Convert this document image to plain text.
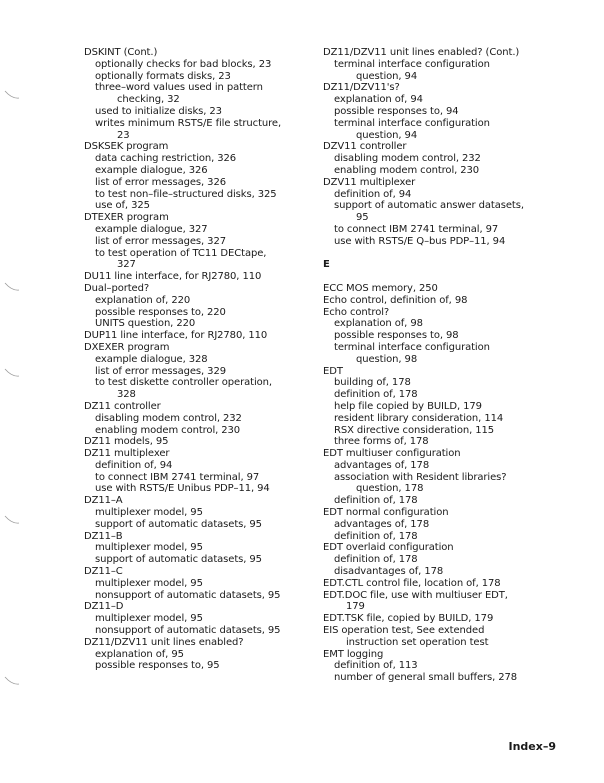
DSKINT (Cont.)
optionally checks for bad blocks, 23
optionally formats disks, 23
three–word values used in pattern
checking, 32
used to initialize disks, 23
writes minimum RSTS/E file structure,
23
DSKSEK program
data caching restriction, 326
example dialogue, 326
list of error messages, 326
to test non–file–structured disks, 325
use of, 325
DTEXER program
example dialogue, 327
list of error messages, 327
to test operation of TC11 DECtape,
327
DU11 line interface, for RJ2780, 110
Dual–ported?
explanation of, 220
possible responses to, 220
UNITS question, 220
DUP11 line interface, for RJ2780, 110
DXEXER program
example dialogue, 328
list of error messages, 329
to test diskette controller operation,
328
DZ11 controller
disabling modem control, 232
enabling modem control, 230
DZ11 models, 95
DZ11 multiplexer
definition of, 94
to connect IBM 2741 terminal, 97
use with RSTS/E Unibus PDP–11, 94
DZ11–A
multiplexer model, 95
support of automatic datasets, 95
DZ11–B
multiplexer model, 95
support of automatic datasets, 95
DZ11–C
multiplexer model, 95
nonsupport of automatic datasets, 95
DZ11–D
multiplexer model, 95
nonsupport of automatic datasets, 95
DZ11/DZV11 unit lines enabled?
explanation of, 95
possible responses to, 95
DZ11/DZV11 unit lines enabled? (Cont.)
terminal interface configuration
question, 94
DZ11/DZV11's?
explanation of, 94
possible responses to, 94
terminal interface configuration
question, 94
DZV11 controller
disabling modem control, 232
enabling modem control, 230
DZV11 multiplexer
definition of, 94
support of automatic answer datasets,
95
to connect IBM 2741 terminal, 97
use with RSTS/E Q–bus PDP–11, 94
E
ECC MOS memory, 250
Echo control, definition of, 98
Echo control?
explanation of, 98
possible responses to, 98
terminal interface configuration
question, 98
EDT
building of, 178
definition of, 178
help file copied by BUILD, 179
resident library consideration, 114
RSX directive consideration, 115
three forms of, 178
EDT multiuser configuration
advantages of, 178
association with Resident libraries?
question, 178
definition of, 178
EDT normal configuration
advantages of, 178
definition of, 178
EDT overlaid configuration
definition of, 178
disadvantages of, 178
EDT.CTL control file, location of, 178
EDT.DOC file, use with multiuser EDT,
179
EDT.TSK file, copied by BUILD, 179
EIS operation test, See extended
instruction set operation test
EMT logging
definition of, 113
number of general small buffers, 278
Index–9
